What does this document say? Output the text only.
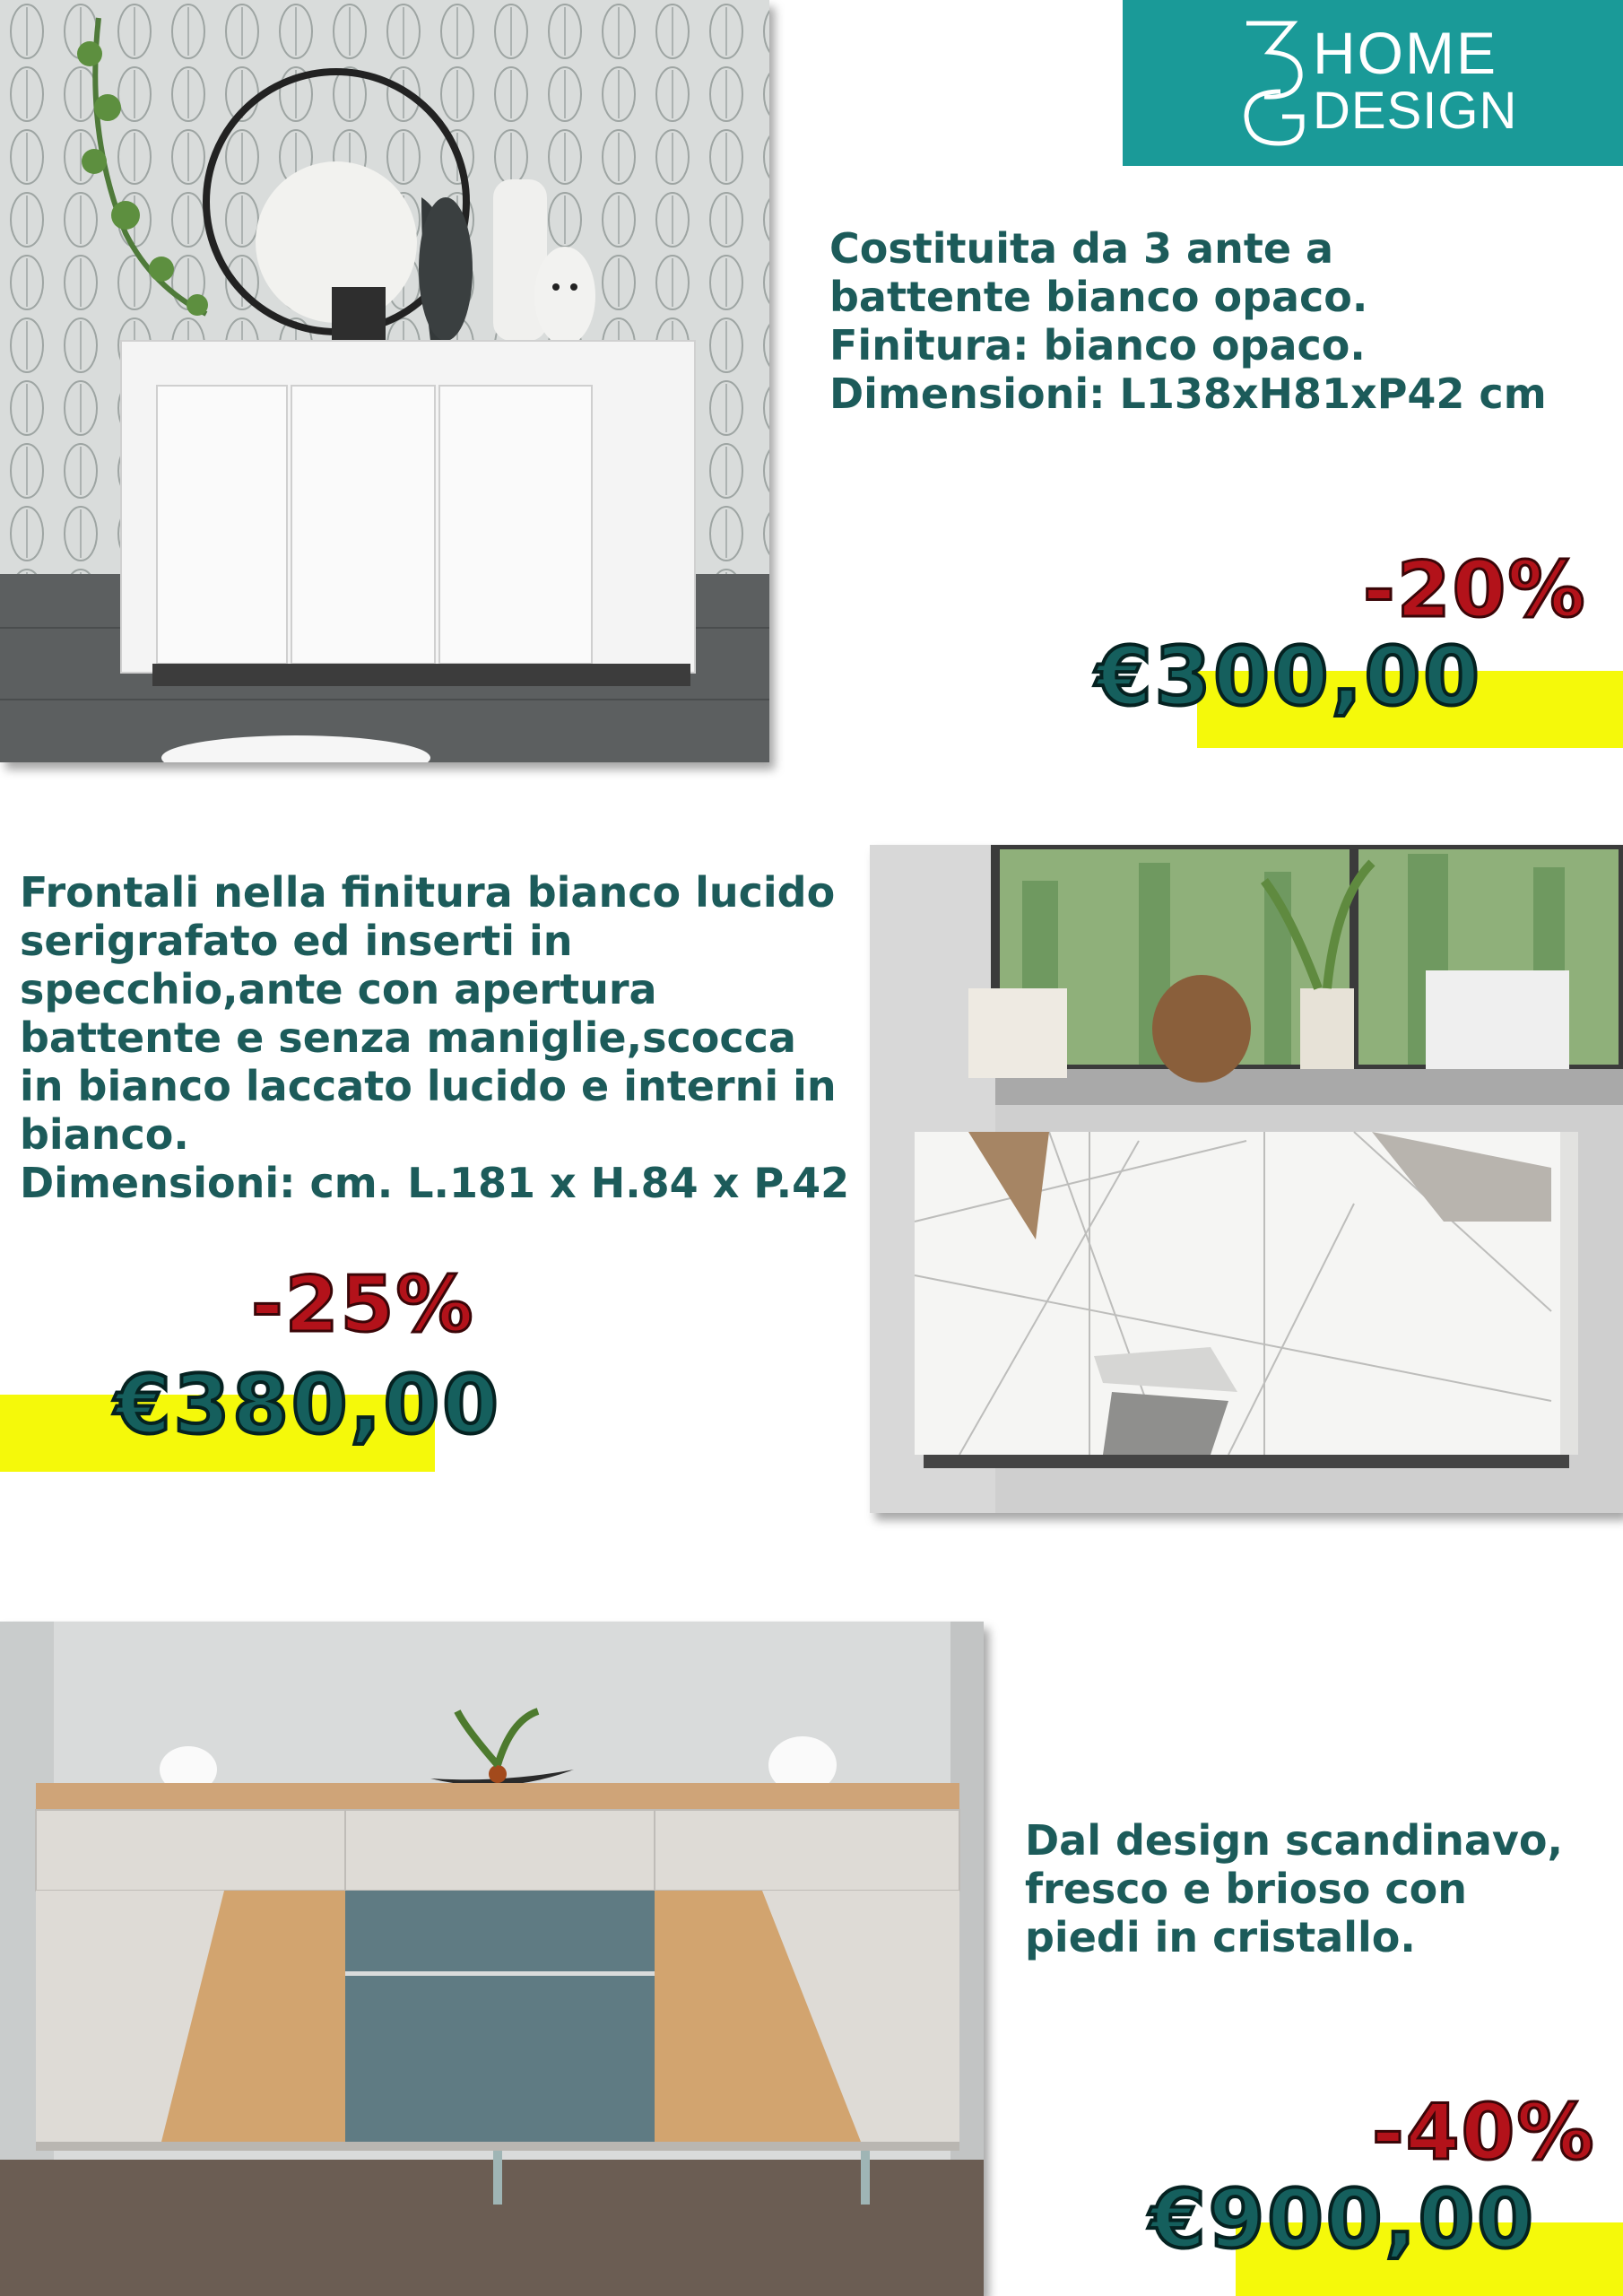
HOME
DESIGN
Costituita da 3 ante a
battente bianco opaco.
Finitura: bianco opaco.
Dimensioni: L138xH81xP42 cm
-20%
€300,00
Frontali nella finitura bianco lucido
serigrafato ed inserti in
specchio,ante con apertura
battente e senza maniglie,scocca
in bianco laccato lucido e interni in
bianco.
Dimensioni: cm. L.181 x H.84 x P.42
-25%
€380,00
Dal design scandinavo,
fresco e brioso con
piedi in cristallo.
-40%
€900,00
